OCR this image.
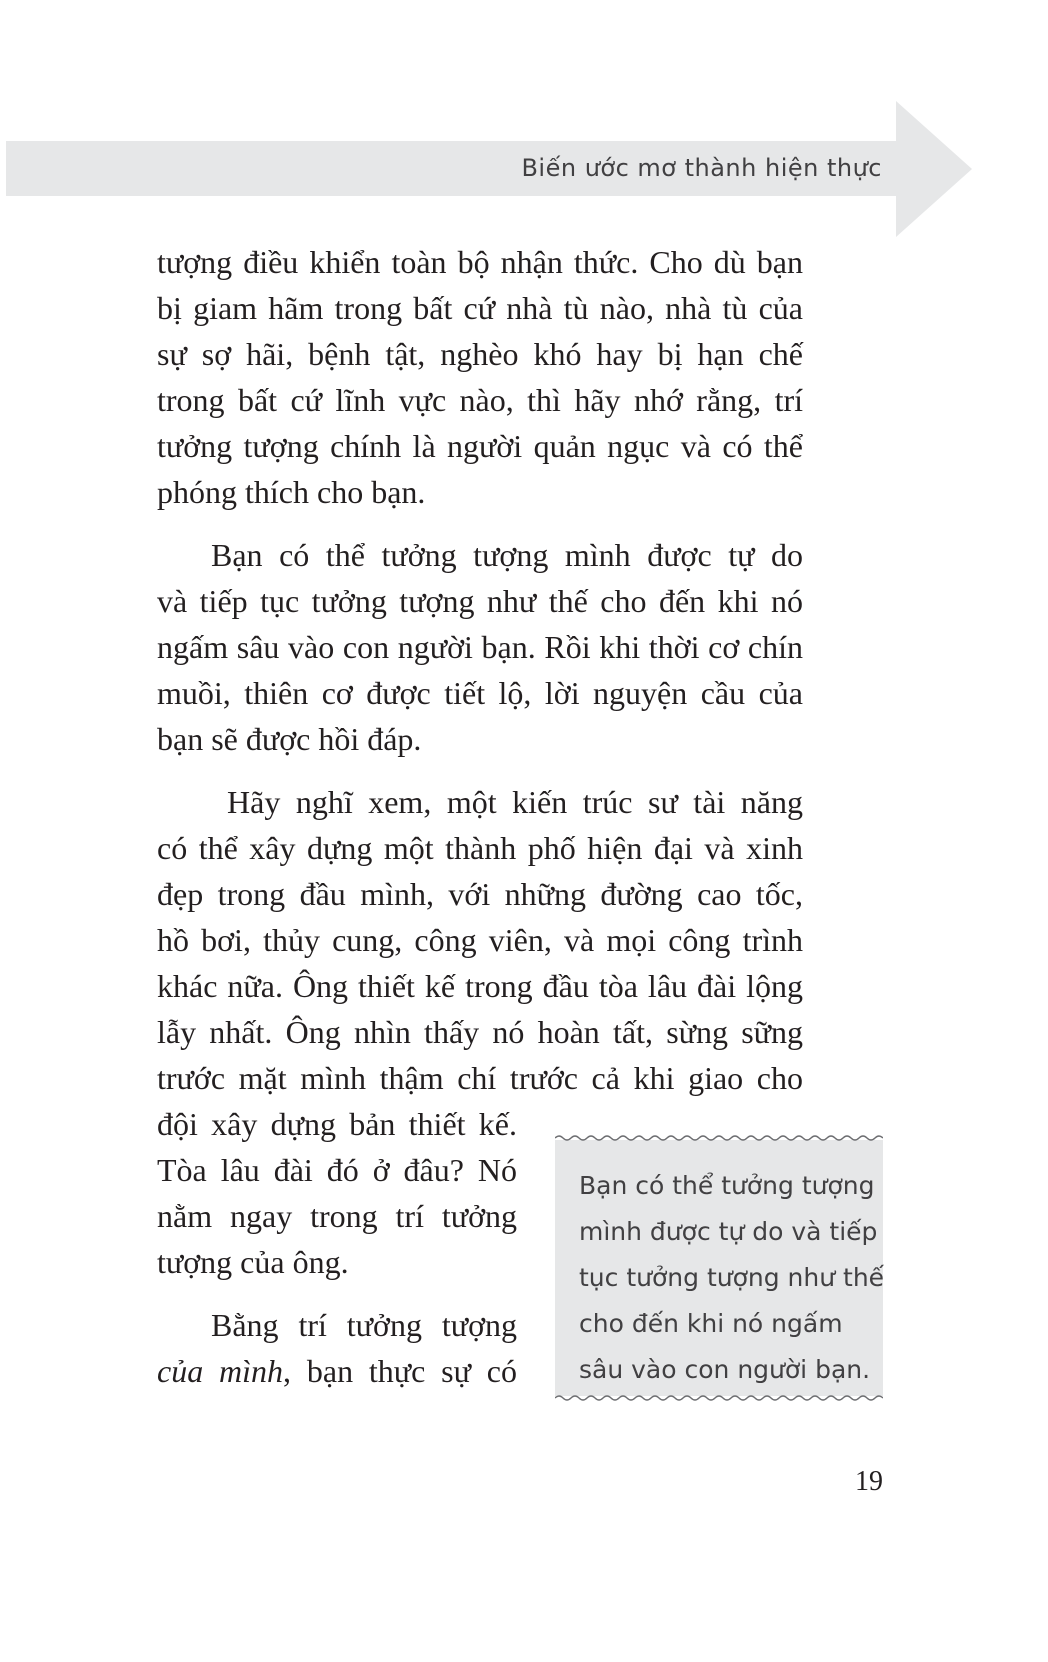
Biến ước mơ thành hiện thực

tượng điều khiển toàn bộ nhận thức. Cho dù bạn

bị giam hãm trong bất cứ nhà tù nào, nhà tù của

sự sợ hãi, bệnh tật, nghèo khó hay bị hạn chế

trong bất cứ lĩnh vực nào, thì hãy nhớ rằng, trí

tưởng tượng chính là người quản ngục và có thể

phóng thích cho bạn.

Bạn có thể tưởng tượng mình được tự do

và tiếp tục tưởng tượng như thế cho đến khi nó

ngấm sâu vào con người bạn. Rồi khi thời cơ chín

muồi, thiên cơ được tiết lộ, lời nguyện cầu của

bạn sẽ được hồi đáp.

Hãy nghĩ xem, một kiến trúc sư tài năng

có thể xây dựng một thành phố hiện đại và xinh

đẹp trong đầu mình, với những đường cao tốc,

hồ bơi, thủy cung, công viên, và mọi công trình

khác nữa. Ông thiết kế trong đầu tòa lâu đài lộng

lẫy nhất. Ông nhìn thấy nó hoàn tất, sừng sững

trước mặt mình thậm chí trước cả khi giao cho

đội xây dựng bản thiết kế.

Tòa lâu đài đó ở đâu? Nó

nằm ngay trong trí tưởng

tượng của ông.

Bằng trí tưởng tượng

của mình, bạn thực sự có

Bạn có thể tưởng tượng

mình được tự do và tiếp

tục tưởng tượng như thế

cho đến khi nó ngấm

sâu vào con người bạn.

19
